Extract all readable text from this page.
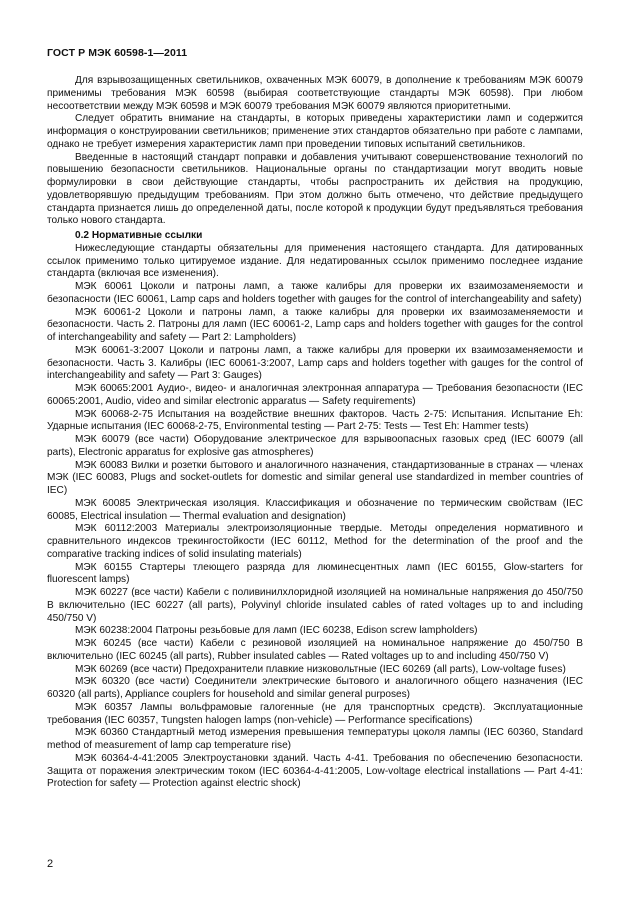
ГОСТ Р МЭК 60598-1—2011

Для взрывозащищенных светильников, охваченных МЭК 60079, в дополнение к требованиям МЭК 60079 применимы требования МЭК 60598 (выбирая соответствующие стандарты МЭК 60598). При любом несоответствии между МЭК 60598 и МЭК 60079 требования МЭК 60079 являются приоритетными.

Следует обратить внимание на стандарты, в которых приведены характеристики ламп и содержится информация о конструировании светильников; применение этих стандартов обязательно при работе с лампами, однако не требует измерения характеристик ламп при проведении типовых испытаний светильников.

Введенные в настоящий стандарт поправки и добавления учитывают совершенствование технологий по повышению безопасности светильников. Национальные органы по стандартизации могут вводить новые формулировки в свои действующие стандарты, чтобы распространить их действия на продукцию, удовлетворявшую предыдущим требованиям. При этом должно быть отмечено, что действие предыдущего стандарта признается лишь до определенной даты, после которой к продукции будут предъявляться требования только нового стандарта.

0.2 Нормативные ссылки

Нижеследующие стандарты обязательны для применения настоящего стандарта. Для датированных ссылок применимо только цитируемое издание. Для недатированных ссылок применимо последнее издание стандарта (включая все изменения).

МЭК 60061 Цоколи и патроны ламп, а также калибры для проверки их взаимозаменяемости и безопасности (IEC 60061, Lamp caps and holders together with gauges for the control of interchangeability and safety)

МЭК 60061-2 Цоколи и патроны ламп, а также калибры для проверки их взаимозаменяемости и безопасности. Часть 2. Патроны для ламп (IEC 60061-2, Lamp caps and holders together with gauges for the control of interchangeability and safety — Part 2: Lampholders)

МЭК 60061-3:2007 Цоколи и патроны ламп, а также калибры для проверки их взаимозаменяемости и безопасности. Часть 3. Калибры (IEC 60061-3:2007, Lamp caps and holders together with gauges for the control of interchangeability and safety — Part 3: Gauges)

МЭК 60065:2001 Аудио-, видео- и аналогичная электронная аппаратура — Требования безопасности (IEC 60065:2001, Audio, video and similar electronic apparatus — Safety requirements)

МЭК 60068-2-75 Испытания на воздействие внешних факторов. Часть 2-75: Испытания. Испытание Eh: Ударные испытания (IEC 60068-2-75, Environmental testing — Part 2-75: Tests — Test Eh: Hammer tests)

МЭК 60079 (все части) Оборудование электрическое для взрывоопасных газовых сред (IEC 60079 (all parts), Electronic apparatus for explosive gas atmospheres)

МЭК 60083 Вилки и розетки бытового и аналогичного назначения, стандартизованные в странах — членах МЭК (IEC 60083, Plugs and socket-outlets for domestic and similar general use standardized in member countries of IEC)

МЭК 60085 Электрическая изоляция. Классификация и обозначение по термическим свойствам (IEC 60085, Electrical insulation — Thermal evaluation and designation)

МЭК 60112:2003 Материалы электроизоляционные твердые. Методы определения нормативного и сравнительного индексов трекингостойкости (IEC 60112, Method for the determination of the proof and the comparative tracking indices of solid insulating materials)

МЭК 60155 Стартеры тлеющего разряда для люминесцентных ламп (IEC 60155, Glow-starters for fluorescent lamps)

МЭК 60227 (все части) Кабели с поливинилхлоридной изоляцией на номинальные напряжения до 450/750 В включительно (IEC 60227 (all parts), Polyvinyl chloride insulated cables of rated voltages up to and including 450/750 V)

МЭК 60238:2004 Патроны резьбовые для ламп (IEC 60238, Edison screw lampholders)

МЭК 60245 (все части) Кабели с резиновой изоляцией на номинальное напряжение до 450/750 В включительно (IEC 60245 (all parts), Rubber insulated cables — Rated voltages up to and including 450/750 V)

МЭК 60269 (все части) Предохранители плавкие низковольтные (IEC 60269 (all parts), Low-voltage fuses)

МЭК 60320 (все части) Соединители электрические бытового и аналогичного общего назначения (IEC 60320 (all parts), Appliance couplers for household and similar general purposes)

МЭК 60357 Лампы вольфрамовые галогенные (не для транспортных средств). Эксплуатационные требования (IEC 60357, Tungsten halogen lamps (non-vehicle) — Performance specifications)

МЭК 60360 Стандартный метод измерения превышения температуры цоколя лампы (IEC 60360, Standard method of measurement of lamp cap temperature rise)

МЭК 60364-4-41:2005 Электроустановки зданий. Часть 4-41. Требования по обеспечению безопасности. Защита от поражения электрическим током (IEC 60364-4-41:2005, Low-voltage electrical installations — Part 4-41: Protection for safety — Protection against electric shock)

2
